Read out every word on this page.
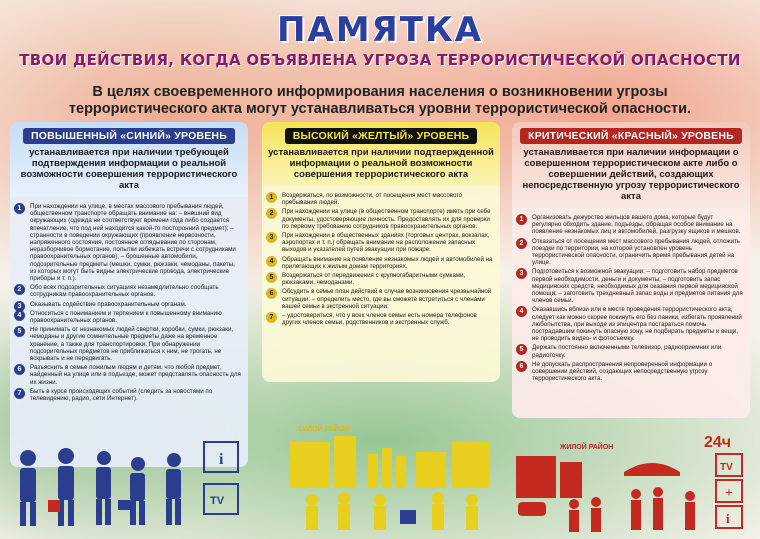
ПАМЯТКА
ТВОИ ДЕЙСТВИЯ, КОГДА ОБЪЯВЛЕНА УГРОЗА ТЕРРОРИСТИЧЕСКОЙ ОПАСНОСТИ
В целях своевременного информирования населения о возникновении угрозы террористического акта могут устанавливаться уровни террористической опасности.
ПОВЫШЕННЫЙ «СИНИЙ» УРОВЕНЬ
устанавливается при наличии требующей подтверждения информации о реальной возможности совершения террористического акта
1	При нахождении на улице, в местах массового пребывания людей, общественном транспорте обращать внимание на: – внешний вид окружающих (одежда не соответствует времени года либо создается впечатление, что под ней находится какой-то посторонний предмет); – странности в поведении окружающих (проявление нервозности, напряженного состояния, постоянное оглядывание по сторонам, неразборчивое бормотание, попытки избежать встречи с сотрудниками правоохранительных органов); – брошенные автомобили, подозрительные предметы (мешки, сумки, рюкзаки, чемоданы, пакеты, из которых могут быть видны электрические провода, электрические приборы и т. п.).
2	Обо всех подозрительных ситуациях незамедлительно сообщать сотрудникам правоохранительных органов.
3	Оказывать содействие правоохранительным органам.
4	Относиться с пониманием и терпением к повышенному вниманию правоохранительных органов.
5	Не принимать от незнакомых людей свертки, коробки, сумки, рюкзаки, чемоданы и другие сомнительные предметы даже на временное хранение, а также для транспортировки. При обнаружении подозрительных предметов не приближаться к ним, не трогать, не вскрывать и не передвигать.
6	Разъяснить в семье пожилым людям и детям, что любой предмет, найденный на улице или в подъезде, может представлять опасность для их жизни.
7	Быть в курсе происходящих событий (следить за новостями по телевидению, радио, сети Интернет).
ВЫСОКИЙ «ЖЕЛТЫЙ» УРОВЕНЬ
устанавливается при наличии подтвержденной информации о реальной возможности совершения террористического акта
1	Воздержаться, по возможности, от посещения мест массового пребывания людей.
2	При нахождении на улице (в общественном транспорте) иметь при себе документы, удостоверяющие личность. Предоставлять их для проверки по первому требованию сотрудников правоохранительных органов.
3	При нахождении в общественных зданиях (торговых центрах, вокзалах, аэропортах и т. п.) обращать внимание на расположение запасных выходов и указателей путей эвакуации при пожаре.
4	Обращать внимание на появление незнакомых людей и автомобилей на прилегающих к жилым домам территориях.
5	Воздержаться от передвижения с крупногабаритными сумками, рюкзаками, чемоданами.
6	Обсудить в семье план действий в случае возникновения чрезвычайной ситуации: – определить место, где вы сможете встретиться с членами вашей семьи в экстренной ситуации;
7	– удостовериться, что у всех членов семьи есть номера телефонов других членов семьи, родственников и экстренных служб.
КРИТИЧЕСКИЙ «КРАСНЫЙ» УРОВЕНЬ
устанавливается при наличии информации о совершенном террористическом акте либо о совершении действий, создающих непосредственную угрозу террористического акта
1	Организовать дежурство жильцов вашего дома, которые будут регулярно обходить здание, подъезды, обращая особое внимание на появление незнакомых лиц и автомобилей, разгрузку ящиков и мешков.
2	Отказаться от посещения мест массового пребывания людей, отложить поездки по территории, на которой установлен уровень террористической опасности, ограничить время пребывания детей на улице.
3	Подготовиться к возможной эвакуации: – подготовить набор предметов первой необходимости, деньги и документы; – подготовить запас медицинских средств, необходимых для оказания первой медицинской помощи; – заготовить трехдневный запас воды и предметов питания для членов семьи.
4	Оказавшись вблизи или в месте проведения террористического акта, следует как можно скорее покинуть его без паники, избегать проявлений любопытства, при выходе из эпицентра постараться помочь пострадавшим покинуть опасную зону, не подбирать предметы и вещи, не проводить видео- и фотосъемку.
5	Держать постоянно включенными телевизор, радиоприемник или радиоточку.
6	Не допускать распространения непроверенной информации о совершении действий, создающих непосредственную угрозу террористического акта.
i
TV
ЖИЛОЙ РАЙОН
ЖИЛОЙ РАЙОН	24ч
TV
+
i
